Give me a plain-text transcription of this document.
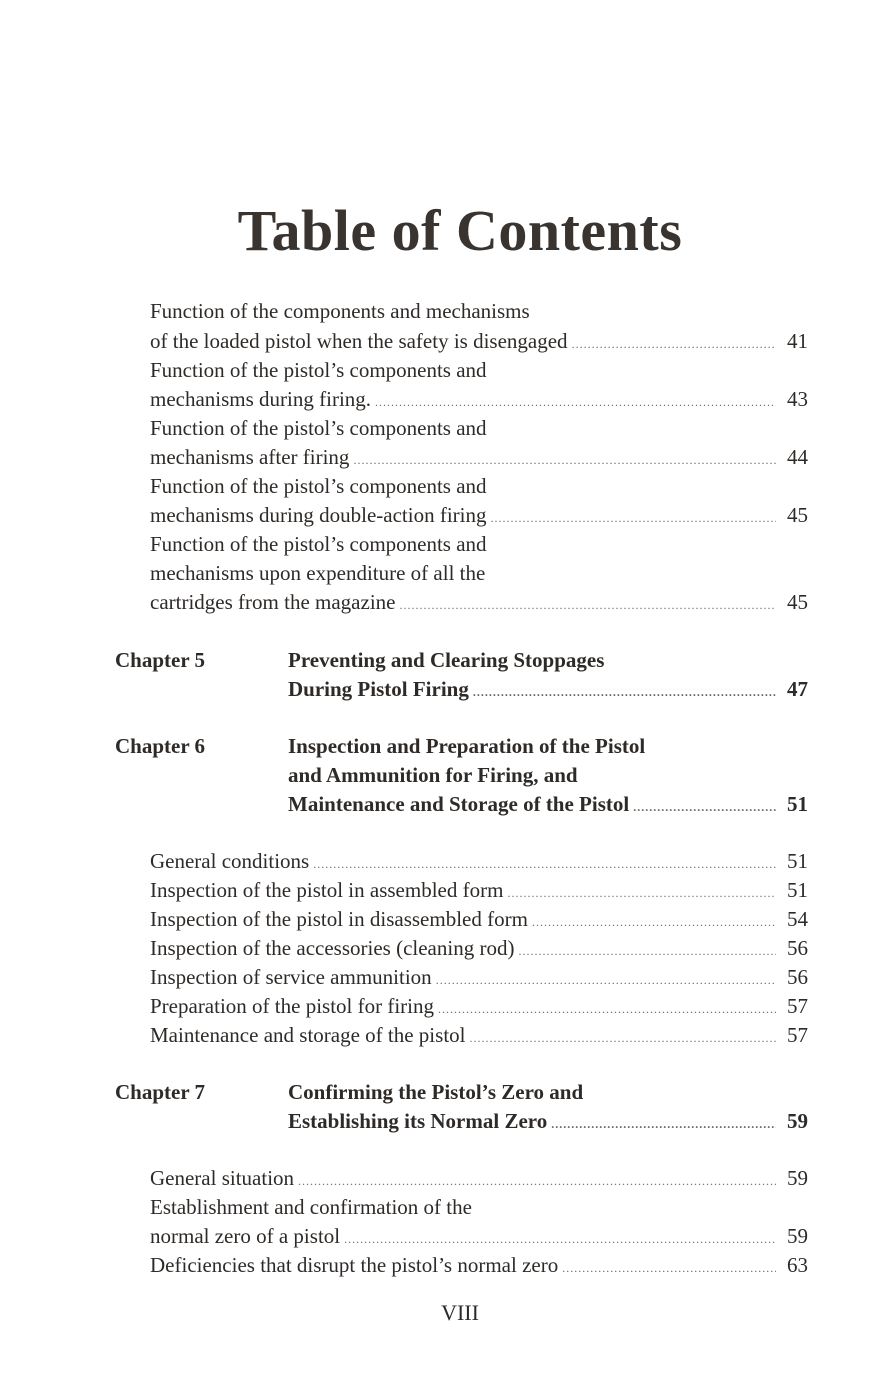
Table of Contents
Function of the components and mechanisms
of the loaded pistol when the safety is disengaged .....	41
Function of the pistol’s components and
mechanisms during firing. .....	43
Function of the pistol’s components and
mechanisms after firing .....	44
Function of the pistol’s components and
mechanisms during double-action firing .....	45
Function of the pistol’s components and
mechanisms upon expenditure of all the
cartridges from the magazine .....	45
Chapter 5	Preventing and Clearing Stoppages
During Pistol Firing .....	47
Chapter 6	Inspection and Preparation of the Pistol
and Ammunition for Firing, and
Maintenance and Storage of the Pistol .....	51
General conditions .....	51
Inspection of the pistol in assembled form .....	51
Inspection of the pistol in disassembled form .....	54
Inspection of the accessories (cleaning rod) .....	56
Inspection of service ammunition .....	56
Preparation of the pistol for firing .....	57
Maintenance and storage of the pistol .....	57
Chapter 7	Confirming the Pistol’s Zero and
Establishing its Normal Zero .....	59
General situation .....	59
Establishment and confirmation of the
normal zero of a pistol .....	59
Deficiencies that disrupt the pistol’s normal zero .....	63
VIII
